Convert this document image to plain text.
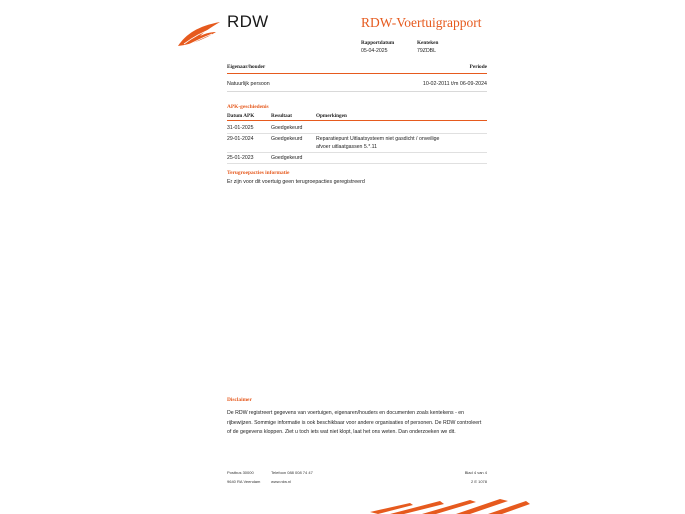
RDW	RDW-Voertuigrapport
Rapportdatum
05-04-2025
Kenteken
79ZDBL
Eigenaar/houder	Periode
Natuurlijk persoon	10-02-2011 t/m 06-09-2024
APK-geschiedenis
Datum APK	Resultaat	Opmerkingen
31-01-2025	Goedgekeurd
29-01-2024	Goedgekeurd	Reparatiepunt Uitlaatsysteem niet gasdicht / onveilige afvoer uitlaatgassen 5.*.11
25-01-2023	Goedgekeurd
Terugroepacties informatie
Er zijn voor dit voertuig geen terugroepacties geregistreerd
Disclaimer
De RDW registreert gegevens van voertuigen, eigenaren/houders en documenten zoals kentekens - en rijbewijzen. Sommige informatie is ook beschikbaar voor andere organisaties of personen. De RDW controleert of de gegevens kloppen. Ziet u toch iets wat niet klopt, laat het ons weten. Dan onderzoeken we dit.
Postbus 30000
9640 RA Veendam
Telefoon 088 008 74 47
www.rdw.nl
Blad 4 van 4
2 E 1078
